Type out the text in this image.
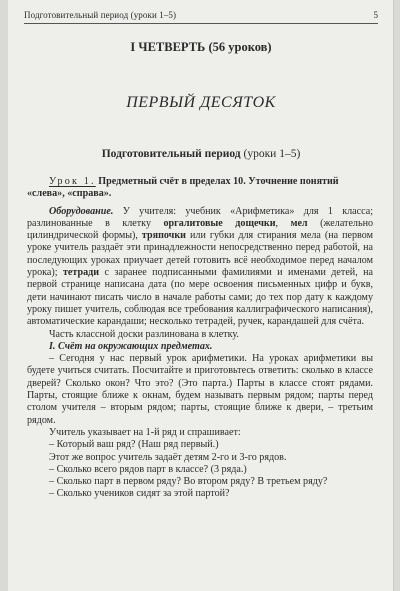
Подготовительный период (уроки 1–5)	5
I ЧЕТВЕРТЬ (56 уроков)
ПЕРВЫЙ ДЕСЯТОК
Подготовительный период (уроки 1–5)

Урок 1. Предметный счёт в пределах 10. Уточнение понятий
«слева», «справа».

Оборудование. У учителя: учебник «Арифметика» для 1 класса; разлинованные в клетку оргалитовые дощечки, мел (желательно цилиндрической формы), тряпочки или губки для стирания мела (на первом уроке учитель раздаёт эти принадлежности непосредственно перед работой, на последующих уроках приучает детей готовить всё необходимое перед началом урока); тетради с заранее подписанными фамилиями и именами детей, на первой странице написана дата (по мере освоения письменных цифр и букв, дети начинают писать число в начале работы сами; до тех пор дату к каждому уроку пишет учитель, соблюдая все требования каллиграфического написания), автоматические карандаши; несколько тетрадей, ручек, карандашей для счёта.

Часть классной доски разлинована в клетку.

I. Счёт на окружающих предметах.

– Сегодня у нас первый урок арифметики. На уроках арифметики вы будете учиться считать. Посчитайте и приготовьтесь ответить: сколько в классе дверей? Сколько окон? Что это? (Это парта.) Парты в классе стоят рядами. Парты, стоящие ближе к окнам, будем называть первым рядом; парты перед столом учителя – вторым рядом; парты, стоящие ближе к двери, – третьим рядом.

Учитель указывает на 1-й ряд и спрашивает:

– Который ваш ряд? (Наш ряд первый.)

Этот же вопрос учитель задаёт детям 2-го и 3-го рядов.

– Сколько всего рядов парт в классе? (3 ряда.)

– Сколько парт в первом ряду? Во втором ряду? В третьем ряду?

– Сколько учеников сидят за этой партой?
